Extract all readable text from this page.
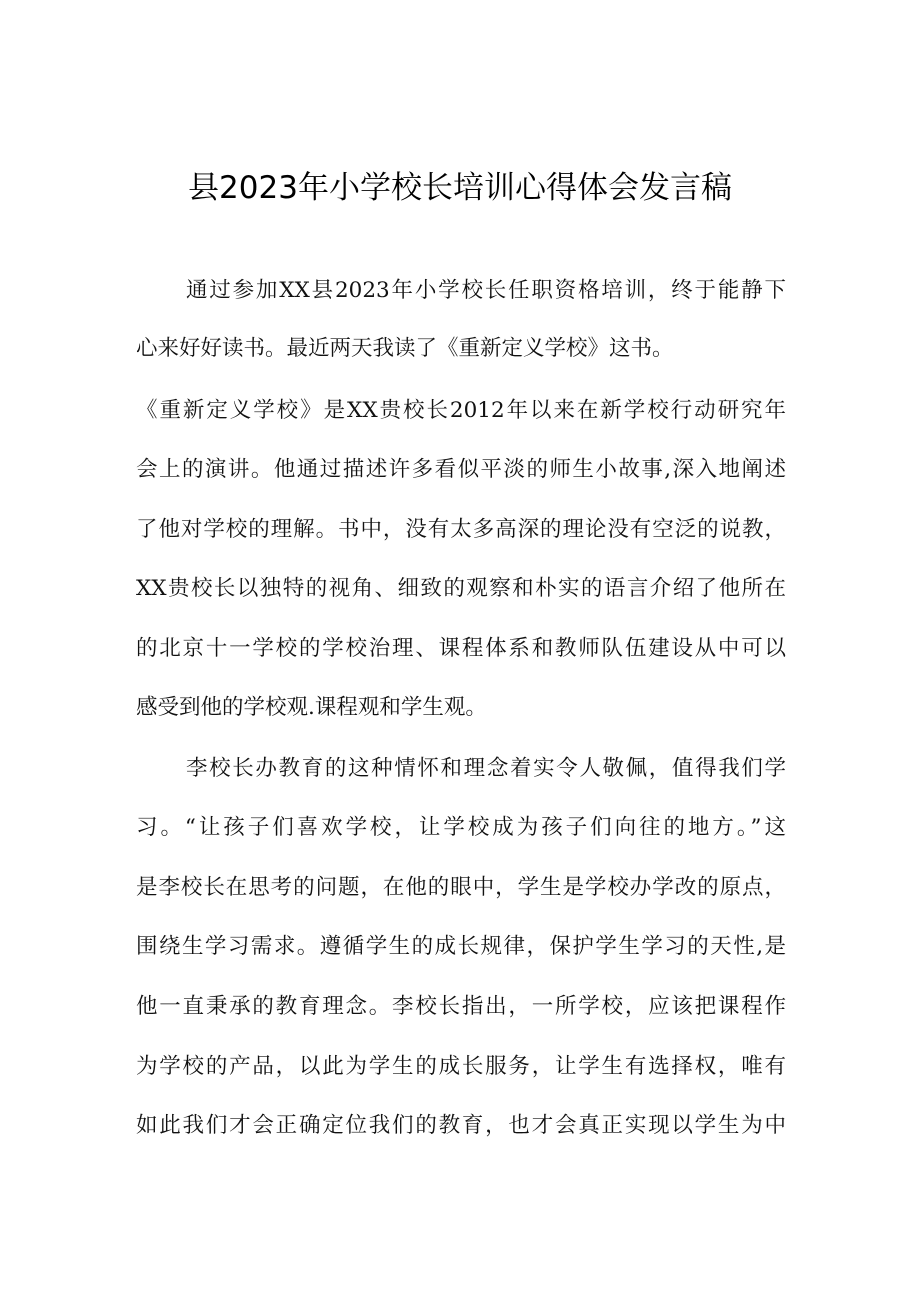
县2023年小学校长培训心得体会发言稿
通过参加XX县2023年小学校长任职资格培训，终于能静下
心来好好读书。最近两天我读了《重新定义学校》这书。
《重新定义学校》是XX贵校长2012年以来在新学校行动研究年
会上的演讲。他通过描述许多看似平淡的师生小故事,深入地阐述
了他对学校的理解。书中，没有太多高深的理论没有空泛的说教，
XX贵校长以独特的视角、细致的观察和朴实的语言介绍了他所在
的北京十一学校的学校治理、课程体系和教师队伍建设从中可以
感受到他的学校观.课程观和学生观。
李校长办教育的这种情怀和理念着实令人敬佩，值得我们学
习。“让孩子们喜欢学校，让学校成为孩子们向往的地方。”这
是李校长在思考的问题，在他的眼中，学生是学校办学改的原点，
围绕生学习需求。遵循学生的成长规律，保护学生学习的天性,是
他一直秉承的教育理念。李校长指出，一所学校，应该把课程作
为学校的产品，以此为学生的成长服务，让学生有选择权，唯有
如此我们才会正确定位我们的教育，也才会真正实现以学生为中
